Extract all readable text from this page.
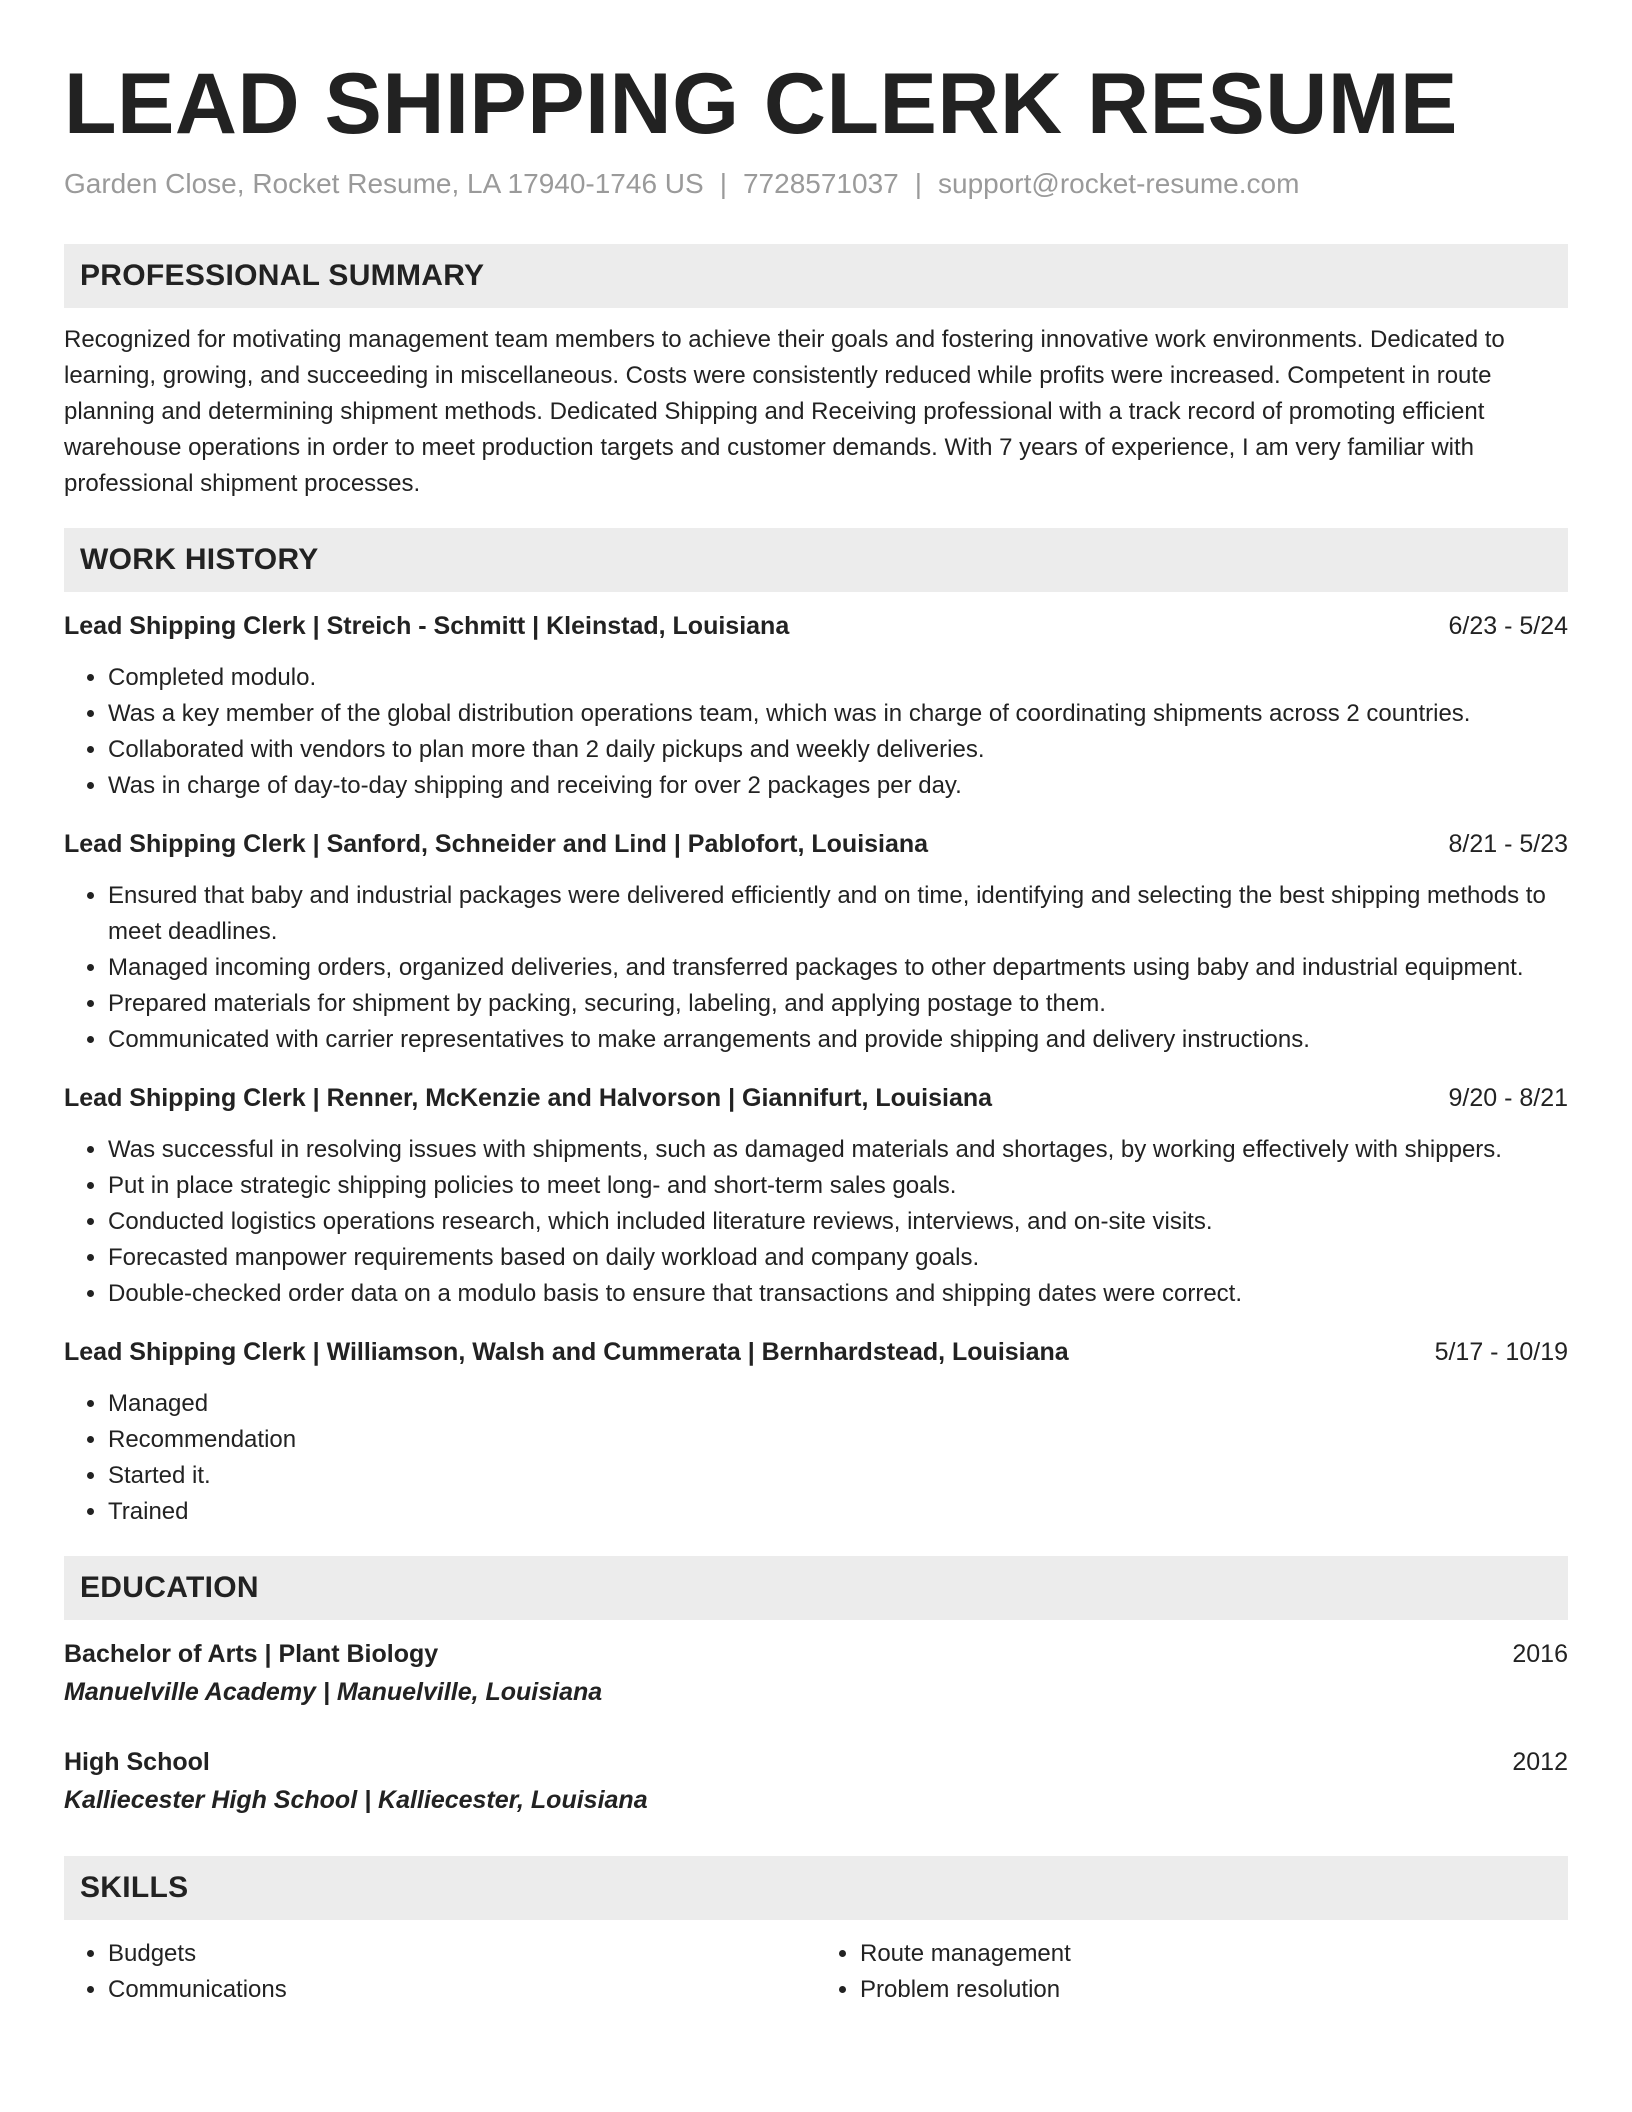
LEAD SHIPPING CLERK RESUME
Garden Close, Rocket Resume, LA 17940-1746 US | 7728571037 | support@rocket-resume.com
PROFESSIONAL SUMMARY

Recognized for motivating management team members to achieve their goals and fostering innovative work environments. Dedicated to learning, growing, and succeeding in miscellaneous. Costs were consistently reduced while profits were increased. Competent in route planning and determining shipment methods. Dedicated Shipping and Receiving professional with a track record of promoting efficient warehouse operations in order to meet production targets and customer demands. With 7 years of experience, I am very familiar with professional shipment processes.

WORK HISTORY
Lead Shipping Clerk | Streich - Schmitt | Kleinstad, Louisiana	6/23 - 5/24
• Completed modulo.
• Was a key member of the global distribution operations team, which was in charge of coordinating shipments across 2 countries.
• Collaborated with vendors to plan more than 2 daily pickups and weekly deliveries.
• Was in charge of day-to-day shipping and receiving for over 2 packages per day.
Lead Shipping Clerk | Sanford, Schneider and Lind | Pablofort, Louisiana	8/21 - 5/23
• Ensured that baby and industrial packages were delivered efficiently and on time, identifying and selecting the best shipping methods to meet deadlines.
• Managed incoming orders, organized deliveries, and transferred packages to other departments using baby and industrial equipment.
• Prepared materials for shipment by packing, securing, labeling, and applying postage to them.
• Communicated with carrier representatives to make arrangements and provide shipping and delivery instructions.
Lead Shipping Clerk | Renner, McKenzie and Halvorson | Giannifurt, Louisiana	9/20 - 8/21
• Was successful in resolving issues with shipments, such as damaged materials and shortages, by working effectively with shippers.
• Put in place strategic shipping policies to meet long- and short-term sales goals.
• Conducted logistics operations research, which included literature reviews, interviews, and on-site visits.
• Forecasted manpower requirements based on daily workload and company goals.
• Double-checked order data on a modulo basis to ensure that transactions and shipping dates were correct.
Lead Shipping Clerk | Williamson, Walsh and Cummerata | Bernhardstead, Louisiana	5/17 - 10/19
• Managed
• Recommendation
• Started it.
• Trained
EDUCATION
Bachelor of Arts | Plant Biology	2016
Manuelville Academy | Manuelville, Louisiana
High School	2012
Kalliecester High School | Kalliecester, Louisiana
SKILLS
• Budgets
• Communications
• Route management
• Problem resolution
